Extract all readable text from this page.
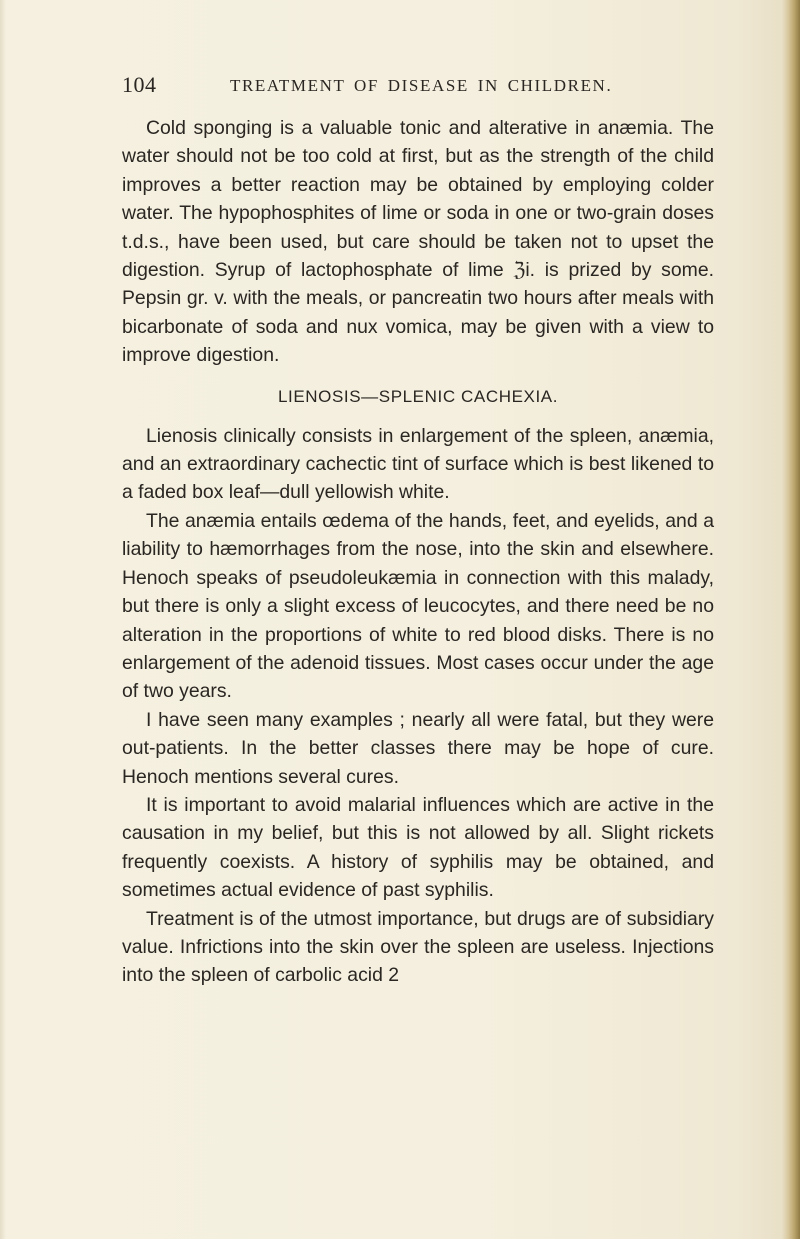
104	TREATMENT OF DISEASE IN CHILDREN.

Cold sponging is a valuable tonic and alterative in anæmia. The water should not be too cold at first, but as the strength of the child improves a better reaction may be obtained by employing colder water. The hypophosphites of lime or soda in one or two-grain doses t.d.s., have been used, but care should be taken not to upset the digestion. Syrup of lactophosphate of lime ℨi. is prized by some. Pepsin gr. v. with the meals, or pancreatin two hours after meals with bicarbonate of soda and nux vomica, may be given with a view to improve digestion.

LIENOSIS—SPLENIC CACHEXIA.

Lienosis clinically consists in enlargement of the spleen, anæmia, and an extraordinary cachectic tint of surface which is best likened to a faded box leaf—dull yellowish white.

The anæmia entails œdema of the hands, feet, and eyelids, and a liability to hæmorrhages from the nose, into the skin and elsewhere. Henoch speaks of pseudoleukæmia in connection with this malady, but there is only a slight excess of leucocytes, and there need be no alteration in the proportions of white to red blood disks. There is no enlargement of the adenoid tissues. Most cases occur under the age of two years.

I have seen many examples ; nearly all were fatal, but they were out-patients. In the better classes there may be hope of cure. Henoch mentions several cures.

It is important to avoid malarial influences which are active in the causation in my belief, but this is not allowed by all. Slight rickets frequently coexists. A history of syphilis may be obtained, and sometimes actual evidence of past syphilis.

Treatment is of the utmost importance, but drugs are of subsidiary value. Infrictions into the skin over the spleen are useless. Injections into the spleen of carbolic acid 2
